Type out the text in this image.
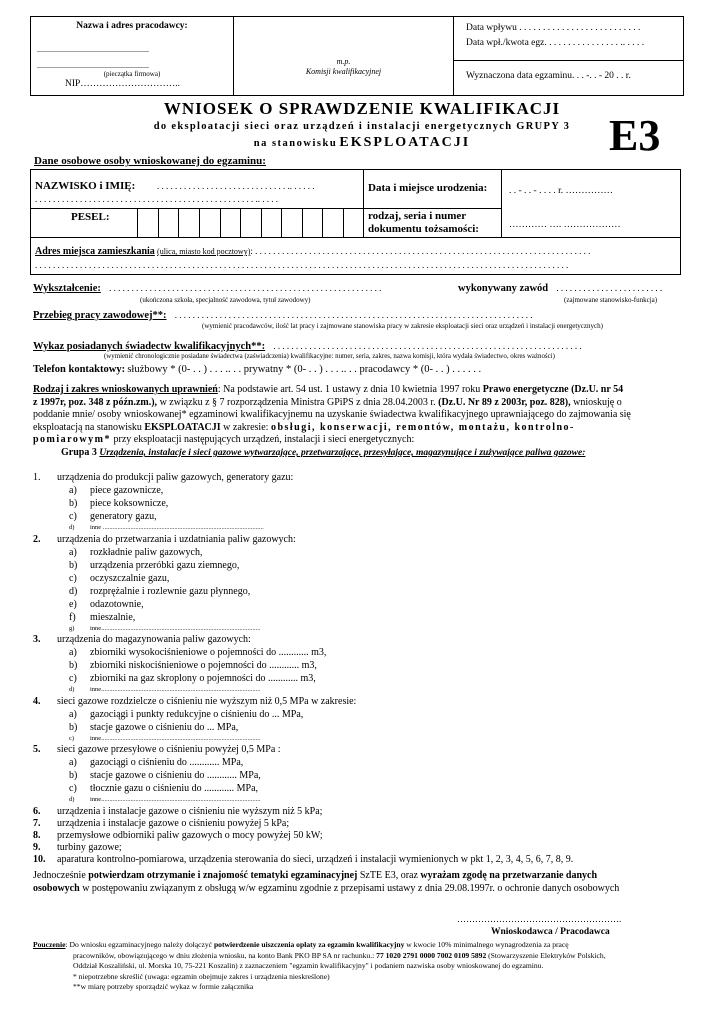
Nazwa i adres pracodawcy:
........................................................
........................................................
(pieczątka firmowa)
NIP…………………………..
m.p.
Komisji kwalifikacyjnej
Data wpływu . . . . . . . . . . . . . . . . . . . . . . . . . .
Data wpł./kwota egz. . . . . . . . . . . . . . . . .. . . . .
Wyznaczona data egzaminu. . . -. . - 20 . . r.
WNIOSEK O SPRAWDZENIE KWALIFIKACJI
do eksploatacji sieci oraz urządzeń i instalacji energetycznych GRUPY 3
na stanowisku EKSPLOATACJI	E3
Dane osobowe osoby wnioskowanej do egzaminu:
NAZWISKO i IMIĘ: . . . . . . . . . . . . . . . . . . . . . . . . . . . . . .. . . . . .
. . . . . . . . . . . . . . . . . . . . . . . . . . . . . . . . . . . . . . . . . . . . . . . . . .. . . . .
Data i miejsce urodzenia: . . - . . - . . . . r. ……………
PESEL:	rodzaj, seria i numer
dokumentu tożsamości:	………… …. ………………
Adres miejsca zamieszkania (ulica, miasto kod pocztowy): . . . . . . . . . . . . . . . . . . . . . . . . . . . . . . . . . . . . . . . . . . . . . . . . . . . . . . . . . . . . . . . . . . . . . . . . . . .
. . . . . . . . . . . . . . . . . . . . . . . . . . . . . . . . . . . . . . . . . . . . . . . . . . . . . . . . . . . . . . . . . . . . . . . . . . . . . . . . . . . . . . . . . . . . . . . . . . . . . . . . . . . . . . . . . . . . . . .
Wykształcenie: . . . . . . . . . . . . . . . . . . . . . . . . . . . . . . . . . . . . . . . . . . . . . . . . . . . . . . . . . . . . .
(ukończona szkoła, specjalność zawodowa, tytuł zawodowy)
wykonywany zawód . . . . . . . . . . . . . . . . . . . . . . . .
(zajmowane stanowisko-funkcja)
Przebieg pracy zawodowej**: . . . . . . . . . . . . . . . . . . . . . . . . . . . . . . . . . . . . . . . . . . . . . . . . . . . . . . . . . . . . . . . . . . . . . . . . . . . . . . . .
(wymienić pracodawców, ilość lat pracy i zajmowane stanowiska pracy w zakresie eksploatacji sieci oraz urządzeń i instalacji energetycznych)
Wykaz posiadanych świadectw kwalifikacyjnych**: . . . . . . . . . . . . . . . . . . . . . . . . . . . . . . . . . . . . . . . . . . . . . . . . . . . . . . . . . . . . . . . . . . . . .
(wymienić chronologicznie posiadane świadectwa (zaświadczenia) kwalifikacyjne: numer, seria, zakres, nazwa komisji, która wydała świadectwo, okres ważności)
Telefon kontaktowy: służbowy * (0- . . ) . . . .. . . prywatny * (0- . . ) . . . .. . . pracodawcy * (0- . . ) . . . . . .
Rodzaj i zakres wnioskowanych uprawnień: Na podstawie art. 54 ust. 1 ustawy z dnia 10 kwietnia 1997 roku Prawo energetyczne (Dz.U. nr 54
z 1997r, poz. 348 z późn.zm.), w związku z § 7 rozporządzenia Ministra GPiPS z dnia 28.04.2003 r. (Dz.U. Nr 89 z 2003r, poz. 828), wnioskuję o
poddanie mnie/ osoby wnioskowanej* egzaminowi kwalifikacyjnemu na uzyskanie świadectwa kwalifikacyjnego uprawniającego do zajmowania się
eksploatacją na stanowisku EKSPLOATACJI w zakresie: obsługi, konserwacji, remontów, montażu, kontrolno-
pomiarowym* przy eksploatacji następujących urządzeń, instalacji i sieci energetycznych:
Grupa 3 Urządzenia, instalacje i sieci gazowe wytwarzające, przetwarzające, przesyłające, magazynujące i zużywające paliwa gazowe:
1. urządzenia do produkcji paliw gazowych, generatory gazu:
a) piece gazownicze,
b) piece koksownicze,
c) generatory gazu,
d) inne ...................................................................................................
2. urządzenia do przetwarzania i uzdatniania paliw gazowych:
a) rozkładnie paliw gazowych,
b) urządzenia przeróbki gazu ziemnego,
c) oczyszczalnie gazu,
d) rozprężalnie i rozlewnie gazu płynnego,
e) odazotownie,
f) mieszalnie,
g) inne..................................................................................................
3. urządzenia do magazynowania paliw gazowych:
a) zbiorniki wysokociśnieniowe o pojemności do ............ m3,
b) zbiorniki niskociśnieniowe o pojemności do ............ m3,
c) zbiorniki na gaz skroplony o pojemności do ............ m3,
d) inne..................................................................................................
4. sieci gazowe rozdzielcze o ciśnieniu nie wyższym niż 0,5 MPa w zakresie:
a) gazociągi i punkty redukcyjne o ciśnieniu do ... MPa,
b) stacje gazowe o ciśnieniu do ... MPa,
c) inne..................................................................................................
5. sieci gazowe przesyłowe o ciśnieniu powyżej 0,5 MPa :
a) gazociągi o ciśnieniu do ............ MPa,
b) stacje gazowe o ciśnieniu do ............ MPa,
c) tłocznie gazu o ciśnieniu do ............ MPa,
d) inne..................................................................................................
6. urządzenia i instalacje gazowe o ciśnieniu nie wyższym niż 5 kPa;
7. urządzenia i instalacje gazowe o ciśnieniu powyżej 5 kPa;
8. przemysłowe odbiorniki paliw gazowych o mocy powyżej 50 kW;
9. turbiny gazowe;
10. aparatura kontrolno-pomiarowa, urządzenia sterowania do sieci, urządzeń i instalacji wymienionych w pkt 1, 2, 3, 4, 5, 6, 7, 8, 9.
Jednocześnie potwierdzam otrzymanie i znajomość tematyki egzaminacyjnej SzTE E3, oraz wyrażam zgodę na przetwarzanie danych
osobowych w postępowaniu związanym z obsługą w/w egzaminu zgodnie z przepisami ustawy z dnia 29.08.1997r. o ochronie danych osobowych
……………………………………………….
Wnioskodawca / Pracodawca
Pouczenie: Do wniosku egzaminacyjnego należy dołączyć potwierdzenie uiszczenia opłaty za egzamin kwalifikacyjny w kwocie 10% minimalnego wynagrodzenia za pracę
pracowników, obowiązującego w dniu złożenia wniosku, na konto Bank PKO BP SA nr rachunku.: 77 1020 2791 0000 7002 0109 5892 (Stowarzyszenie Elektryków Polskich,
Oddział Koszaliński, ul. Morska 10, 75-221 Koszalin) z zaznaczeniem "egzamin kwalifikacyjny" i podaniem nazwiska osoby wnioskowanej do egzaminu.
* niepotrzebne skreślić (uwaga: egzamin obejmuje zakres i urządzenia nieskreślone)
**w miarę potrzeby sporządzić wykaz w formie załącznika
